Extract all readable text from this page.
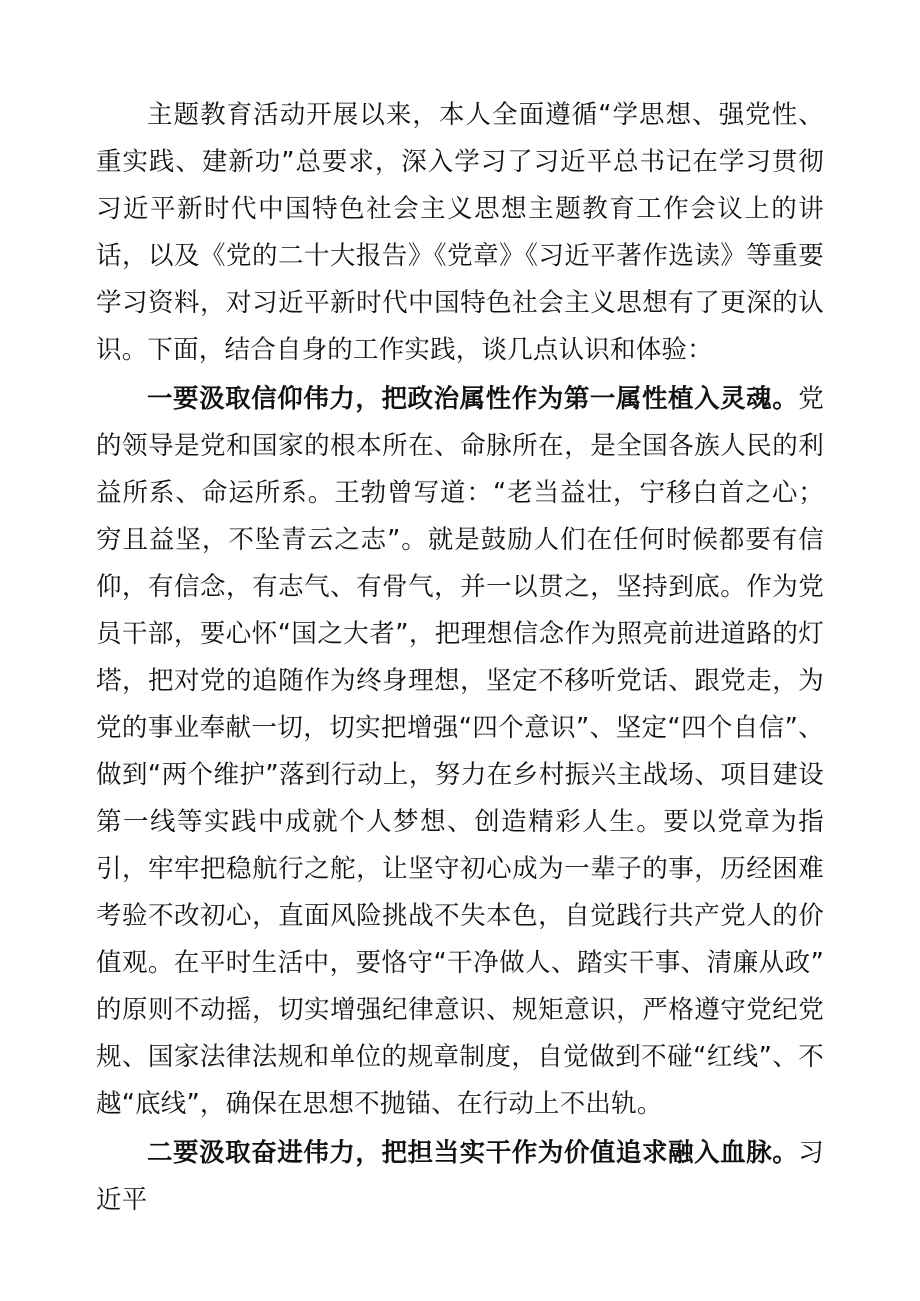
主题教育活动开展以来，本人全面遵循“学思想、强党性、重实践、建新功”总要求，深入学习了习近平总书记在学习贯彻习近平新时代中国特色社会主义思想主题教育工作会议上的讲话，以及《党的二十大报告》《党章》《习近平著作选读》等重要学习资料，对习近平新时代中国特色社会主义思想有了更深的认识。下面，结合自身的工作实践，谈几点认识和体验：

一要汲取信仰伟力，把政治属性作为第一属性植入灵魂。党的领导是党和国家的根本所在、命脉所在，是全国各族人民的利益所系、命运所系。王勃曾写道：“老当益壮，宁移白首之心；穷且益坚，不坠青云之志”。就是鼓励人们在任何时候都要有信仰，有信念，有志气、有骨气，并一以贯之，坚持到底。作为党员干部，要心怀“国之大者”，把理想信念作为照亮前进道路的灯塔，把对党的追随作为终身理想，坚定不移听党话、跟党走，为党的事业奉献一切，切实把增强“四个意识”、坚定“四个自信”、做到“两个维护”落到行动上，努力在乡村振兴主战场、项目建设第一线等实践中成就个人梦想、创造精彩人生。要以党章为指引，牢牢把稳航行之舵，让坚守初心成为一辈子的事，历经困难考验不改初心，直面风险挑战不失本色，自觉践行共产党人的价值观。在平时生活中，要恪守“干净做人、踏实干事、清廉从政”的原则不动摇，切实增强纪律意识、规矩意识，严格遵守党纪党规、国家法律法规和单位的规章制度，自觉做到不碰“红线”、不越“底线”，确保在思想不抛锚、在行动上不出轨。

二要汲取奋进伟力，把担当实干作为价值追求融入血脉。习近平
